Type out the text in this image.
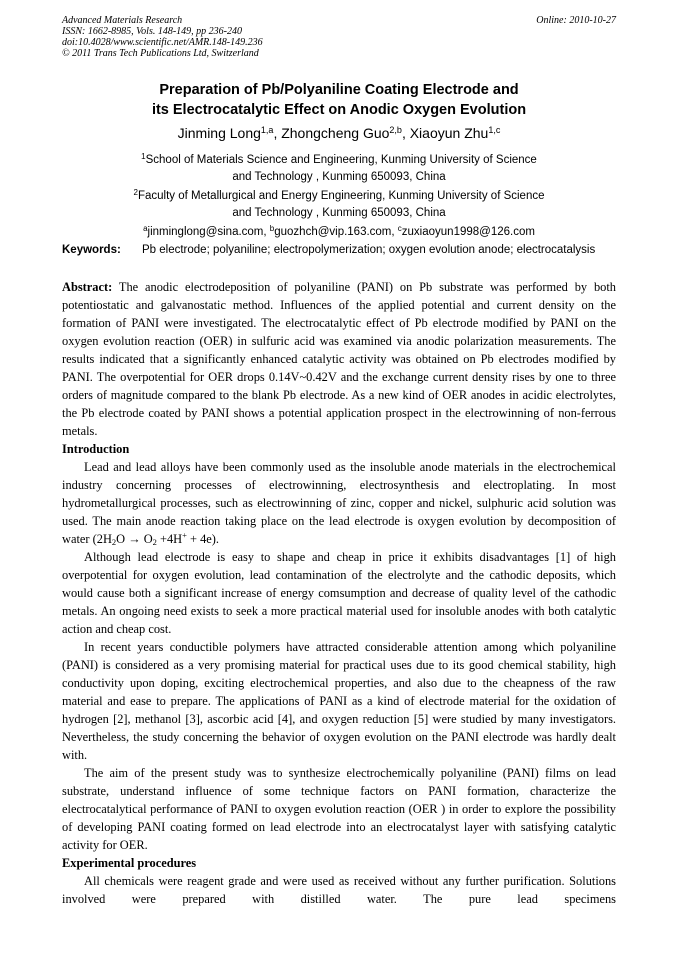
Advanced Materials Research
ISSN: 1662-8985, Vols. 148-149, pp 236-240
doi:10.4028/www.scientific.net/AMR.148-149.236
© 2011 Trans Tech Publications Ltd, Switzerland
Online: 2010-10-27
Preparation of Pb/Polyaniline Coating Electrode and
its Electrocatalytic Effect on Anodic Oxygen Evolution
Jinming Long$^{1,a}$, Zhongcheng Guo$^{2,b}$, Xiaoyun Zhu$^{1,c}$
$^1$School of Materials Science and Engineering, Kunming University of Science
and Technology , Kunming 650093, China
$^2$Faculty of Metallurgical and Energy Engineering, Kunming University of Science
and Technology , Kunming 650093, China
$^a$jinminglong@sina.com, $^b$guozhch@vip.163.com, $^c$zuxiaoyun1998@126.com
Keywords: Pb electrode; polyaniline; electropolymerization; oxygen evolution anode; electrocatalysis

Abstract: The anodic electrodeposition of polyaniline (PANI) on Pb substrate was performed by both potentiostatic and galvanostatic method. Influences of the applied potential and current density on the formation of PANI were investigated. The electrocatalytic effect of Pb electrode modified by PANI on the oxygen evolution reaction (OER) in sulfuric acid was examined via anodic polarization measurements. The results indicated that a significantly enhanced catalytic activity was obtained on Pb electrodes modified by PANI. The overpotential for OER drops 0.14V~0.42V and the exchange current density rises by one to three orders of magnitude compared to the blank Pb electrode. As a new kind of OER anodes in acidic electrolytes, the Pb electrode coated by PANI shows a potential application prospect in the electrowinning of non-ferrous metals.

Introduction

Lead and lead alloys have been commonly used as the insoluble anode materials in the electrochemical industry concerning processes of electrowinning, electrosynthesis and electroplating. In most hydrometallurgical processes, such as electrowinning of zinc, copper and nickel, sulphuric acid solution was used. The main anode reaction taking place on the lead electrode is oxygen evolution by decomposition of water $(2H_2O \to O_2 +4H^+ + 4e)$.

Although lead electrode is easy to shape and cheap in price it exhibits disadvantages [1] of high overpotential for oxygen evolution, lead contamination of the electrolyte and the cathodic deposits, which would cause both a significant increase of energy comsumption and decrease of quality level of the cathodic metals. An ongoing need exists to seek a more practical material used for insoluble anodes with both catalytic action and cheap cost.

In recent years conductible polymers have attracted considerable attention among which polyaniline (PANI) is considered as a very promising material for practical uses due to its good chemical stability, high conductivity upon doping, exciting electrochemical properties, and also due to the cheapness of the raw material and ease to prepare. The applications of PANI as a kind of electrode material for the oxidation of hydrogen [2], methanol [3], ascorbic acid [4], and oxygen reduction [5] were studied by many investigators. Nevertheless, the study concerning the behavior of oxygen evolution on the PANI electrode was hardly dealt with.

The aim of the present study was to synthesize electrochemically polyaniline (PANI) films on lead substrate, understand influence of some technique factors on PANI formation, characterize the electrocatalytical performance of PANI to oxygen evolution reaction (OER ) in order to explore the possibility of developing PANI coating formed on lead electrode into an electrocatalyst layer with satisfying catalytic activity for OER.

Experimental procedures

All chemicals were reagent grade and were used as received without any further purification. Solutions involved were prepared with distilled water. The pure lead specimens
